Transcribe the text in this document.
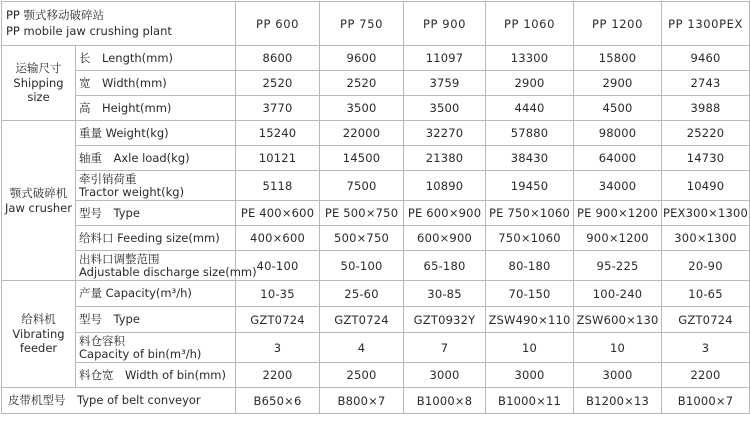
PP 颚式移动破碎站
PP mobile jaw crushing plant		PP 600	PP 750	PP 900	PP 1060	PP 1200	PP 1300PEX

运输尺寸
Shipping
size	长　Length(mm)	8600	9600	11097	13300	15800	9460
	宽　Width(mm)	2520	2520	3759	2900	2900	2743
	高　Height(mm)	3770	3500	3500	4440	4500	3988

颚式破碎机
Jaw crusher	重量 Weight(kg)	15240	22000	32270	57880	98000	25220
	轴重　Axle load(kg)	10121	14500	21380	38430	64000	14730

	牵引销荷重
Tractor weight(kg)	5118	7500	10890	19450	34000	10490
	型号　Type	PE 400×600	PE 500×750	PE 600×900	PE 750×1060	PE 900×1200	PEX300×1300
	给料口 Feeding size(mm)	400×600	500×750	600×900	750×1060	900×1200	300×1300

	出料口调整范围
Adjustable discharge size(mm)	40-100	50-100	65-180	80-180	95-225	20-90

给料机
Vibrating
feeder	产量 Capacity(m³/h)	10-35	25-60	30-85	70-150	100-240	10-65
	型号　Type	GZT0724	GZT0724	GZT0932Y	ZSW490×110	ZSW600×130	GZT0724

	料仓容积
Capacity of bin(m³/h)	3	4	7	10	10	3
	料仓宽　Width of bin(mm)	2200	2500	3000	3000	3000	2200
皮带机型号　Type of belt conveyor		B650×6	B800×7	B1000×8	B1000×11	B1200×13	B1000×7
